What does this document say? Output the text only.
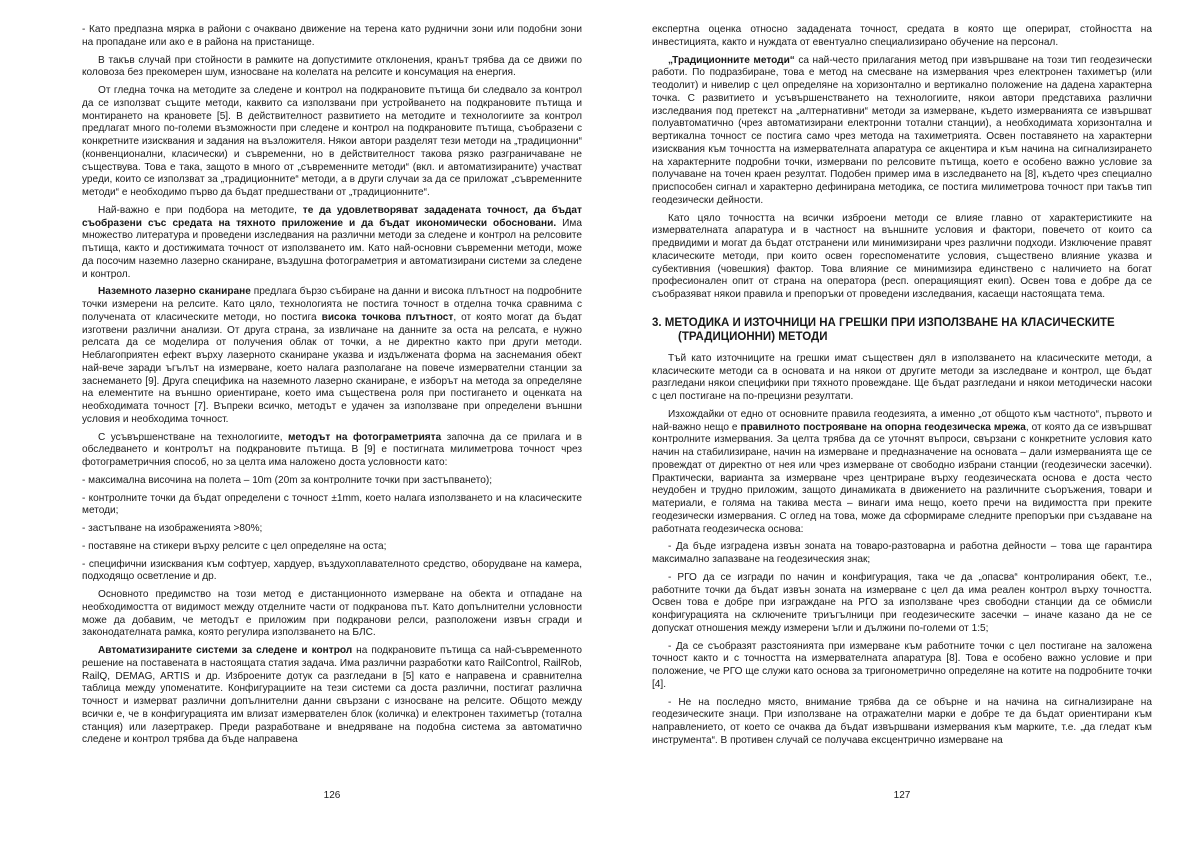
- Като предпазна мярка в райони с очаквано движение на терена като руднични зони или подобни зони на пропадане или ако е в района на пристанище.

В такъв случай при стойности в рамките на допустимите отклонения, кранът трябва да се движи по коловоза без прекомерен шум, износване на колелата на релсите и консумация на енергия.

От гледна точка на методите за следене и контрол на подкрановите пътища би следвало за контрол да се използват същите методи, каквито са използвани при устройването на подкрановите пътища и монтирането на крановете [5]. В действителност развитието на методите и технологиите за контрол предлагат много по-големи възможности при следене и контрол на подкрановите пътища, съобразени с конкретните изисквания и задания на възложителя. Някои автори разделят тези методи на „традиционни“ (конвенционални, класически) и съвременни, но в действителност такова рязко разграничаване не съществува. Това е така, защото в много от „съвременните методи“ (вкл. и автоматизираните) участват уреди, които се използват за „традиционните“ методи, а в други случаи за да се приложат „съвременните методи“ е необходимо първо да бъдат предшествани от „традиционните“.

Най-важно е при подбора на методите, те да удовлетворяват зададената точност, да бъдат съобразени със средата на тяхното приложение и да бъдат икономически обосновани. Има множество литература и проведени изследвания на различни методи за следене и контрол на релсовите пътища, както и достижимата точност от използването им. Като най-основни съвременни методи, може да посочим наземно лазерно сканиране, въздушна фотограметрия и автоматизирани системи за следене и контрол.

Наземното лазерно сканиране предлага бързо събиране на данни и висока плътност на подробните точки измерени на релсите. Като цяло, технологията не постига точност в отделна точка сравнима с получената от класическите методи, но постига висока точкова плътност, от която могат да бъдат изготвени различни анализи. От друга страна, за извличане на данните за оста на релсата, е нужно релсата да се моделира от получения облак от точки, а не директно както при други методи. Неблагоприятен ефект върху лазерното сканиране указва и издълженатa форма на заснемания обект най-вече заради ъгълът на измерване, което налага разполагане на повече измервателни станции за заснемането [9]. Друга специфика на наземното лазерно сканиране, е изборът на метода за определяне на елементите на външно ориентиране, което има съществена роля при постигането и оценката на необходимата точност [7]. Въпреки всичко, методът е удачен за използване при определени външни условия и необходима точност.

С усъвършенстване на технологиите, методът на фотограметрията започна да се прилага и в обследването и контролът на подкрановите пътища. В [9] е постигната милиметрова точност чрез фотограметричния способ, но за целта има наложено доста условности като:

- максимална височина на полета – 10m (20m за контролните точки при застъпването);

- контролните точки да бъдат определени с точност ±1mm, което налага използването и на класическите методи;

- застъпване на изображенията >80%;

- поставяне на стикери върху релсите с цел определяне на оста;

- специфични изисквания към софтуер, хардуер, въздухоплавателното средство, оборудване на камера, подходящо осветление и др.

Основното предимство на този метод е дистанционното измерване на обекта и отпадане на необходимостта от видимост между отделните части от подкранова път. Като допълнителни условности може да добавим, че методът е приложим при подкранови релси, разположени извън сгради и законодателната рамка, която регулира използването на БЛС.

Автоматизираните системи за следене и контрол на подкрановите пътища са най-съвременното решение на поставената в настоящата статия задача. Има различни разработки като RailControl, RailRob, RailQ, DEMAG, ARTIS и др. Изброените дотук са разгледани в [5] като е направена и сравнителна таблица между упоменатите. Конфигурациите на тези системи са доста различни, постигат различна точност и измерват различни допълнителни данни свързани с износване на релсите. Общото между всички е, че в конфигурацията им влизат измервателен блок (количка) и електронен тахиметър (тотална станция) или лазертракер. Преди разработване и внедряване на подобна система за автоматично следене и контрол трябва да бъде направена

126

експертна оценка относно зададената точност, средата в която ще оперират, стойността на инвестицията, както и нуждата от евентуално специализирано обучение на персонал.

„Традиционните методи“ са най-често прилагания метод при извършване на този тип геодезически работи. По подразбиране, това е метод на смесване на измервания чрез електронен тахиметър (или теодолит) и нивелир с цел определяне на хоризонтално и вертикално положение на дадена характерна точка. С развитието и усъвършенстването на технологиите, някои автори представиха различни изследвания под претекст на „алтернативни“ методи за измерване, където измерванията се извършват полуавтоматично (чрез автоматизирани електронни тотални станции), а необходимата хоризонтална и вертикална точност се постига само чрез метода на тахиметрията. Освен поставянето на характерни изисквания към точността на измервателната апаратура се акцентира и към начина на сигнализирането на характерните подробни точки, измервани по релсовите пътища, което е особено важно условие за получаване на точен краен резултат. Подобен пример има в изследването на [8], където чрез специално приспособен сигнал и характерно дефинирана методика, се постига милиметрова точност при такъв тип геодезически дейности.

Като цяло точността на всички изброени методи се влияе главно от характеристиките на измервателната апаратура и в частност на външните условия и фактори, повечето от които са предвидими и могат да бъдат отстранени или минимизирани чрез различни подходи. Изключение правят класическите методи, при които освен гореспоменатите условия, съществено влияние указва и субективния (човешкия) фактор. Това влияние се минимизира единствено с наличието на богат професионален опит от страна на оператора (респ. операциящият екип). Освен това е добре да се съобразяват някои правила и препоръки от проведени изследвания, касаещи настоящата тема.

3. МЕТОДИКА И ИЗТОЧНИЦИ НА ГРЕШКИ ПРИ ИЗПОЛЗВАНЕ НА КЛАСИЧЕСКИТЕ
(ТРАДИЦИОННИ) МЕТОДИ

Тъй като източниците на грешки имат съществен дял в използването на класическите методи, а класическите методи са в основата и на някои от другите методи за изследване и контрол, ще бъдат разгледани някои специфики при тяхното провеждане. Ще бъдат разгледани и някои методически насоки с цел постигане на по-прецизни резултати.

Изхождайки от едно от основните правила геодезията, а именно „от общото към частното“, първото и най-важно нещо е правилното построяване на опорна геодезическа мрежа, от която да се извършват контролните измервания. За целта трябва да се уточнят въпроси, свързани с конкретните условия като начин на стабилизиране, начин на измерване и предназначение на основата – дали измерванията ще се провеждат от директно от нея или чрез измерване от свободно избрани станции (геодезически засечки). Практически, варианта за измерване чрез центриране върху геодезическата основа е доста често неудобен и трудно приложим, защото динамиката в движението на различните съоръжения, товари и материали, е голяма на такива места – винаги има нещо, което пречи на видимостта при преките геодезически измервания. С оглед на това, може да сформираме следните препоръки при създаване на работната геодезическа основа:

- Да бъде изградена извън зоната на товаро-разтоварна и работна дейности – това ще гарантира максимално запазване на геодезическия знак;

- РГО да се изгради по начин и конфигурация, така че да „опасва“ контролирания обект, т.е., работните точки да бъдат извън зоната на измерване с цел да има реален контрол върху точността. Освен това е добре при изграждане на РГО за използване чрез свободни станции да се обмисли конфигурацията на сключените триъгълници при геодезическите засечки – иначе казано да не се допускат отношения между измерени ъгли и дължини по-големи от 1:5;

- Да се съобразят разстоянията при измерване към работните точки с цел постигане на заложена точност както и с точността на измервателната апаратура [8]. Това е особено важно условие и при положение, че РГО ще служи като основа за тригонометрично определяне на котите на подробните точки [4].

- Не на последно място, внимание трябва да се обърне и на начина на сигнализиране на геодезическите знаци. При използване на отражателни марки е добре те да бъдат ориентирани към направлението, от което се очаква да бъдат извършвани измервания към марките, т.е. „да гледат към инструмента“. В противен случай се получава ексцентрично измерване на

127
